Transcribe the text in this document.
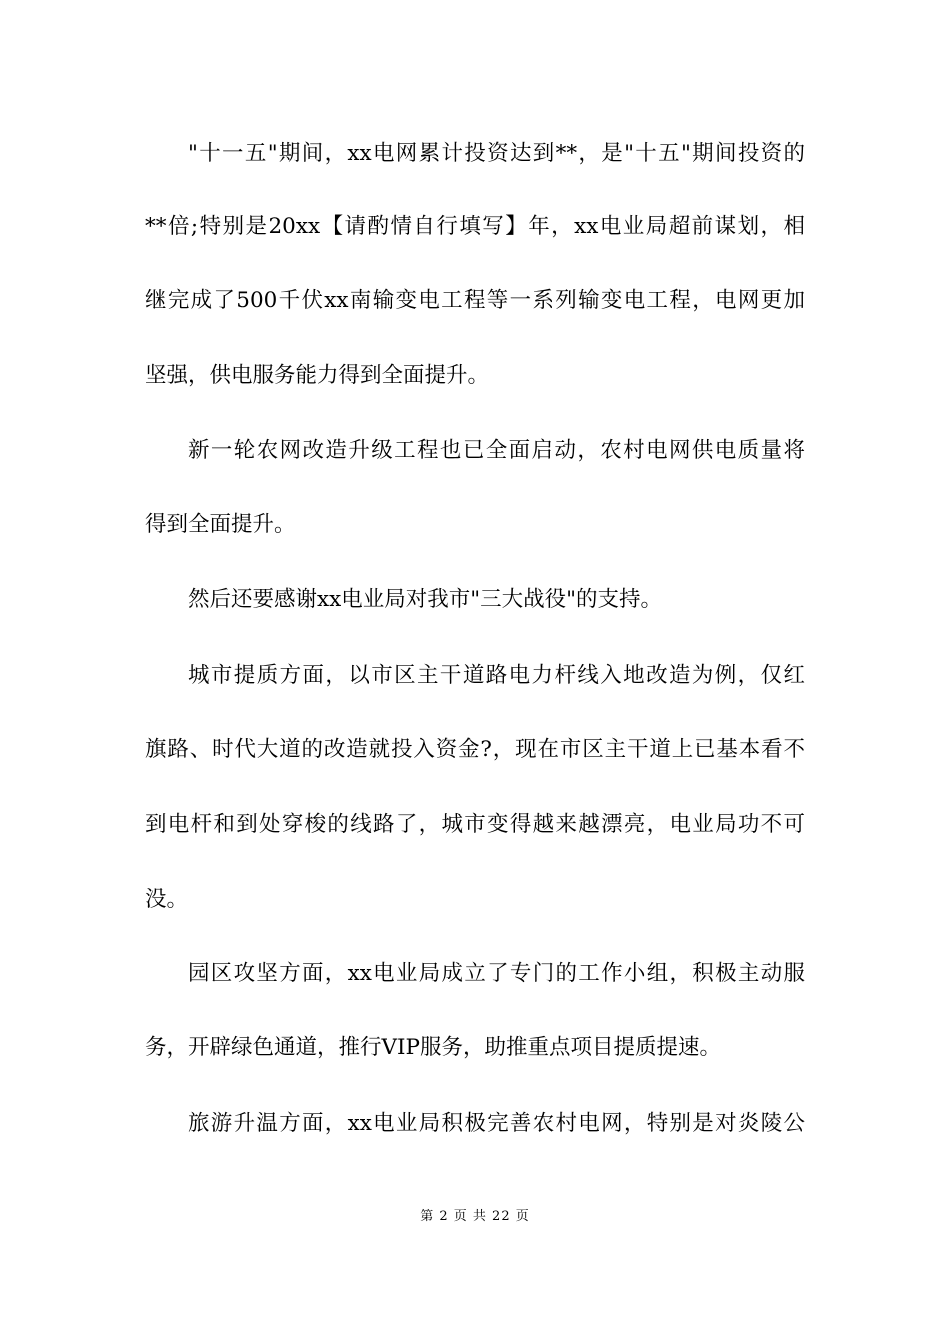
"十一五"期间，xx电网累计投资达到**，是"十五"期间投资的
**倍;特别是20xx【请酌情自行填写】年，xx电业局超前谋划，相
继完成了500千伏xx南输变电工程等一系列输变电工程，电网更加
坚强，供电服务能力得到全面提升。
新一轮农网改造升级工程也已全面启动，农村电网供电质量将
得到全面提升。
然后还要感谢xx电业局对我市"三大战役"的支持。
城市提质方面，以市区主干道路电力杆线入地改造为例，仅红
旗路、时代大道的改造就投入资金?，现在市区主干道上已基本看不
到电杆和到处穿梭的线路了，城市变得越来越漂亮，电业局功不可
没。
园区攻坚方面，xx电业局成立了专门的工作小组，积极主动服
务，开辟绿色通道，推行VIP服务，助推重点项目提质提速。
旅游升温方面，xx电业局积极完善农村电网，特别是对炎陵公
第 2 页 共 22 页
